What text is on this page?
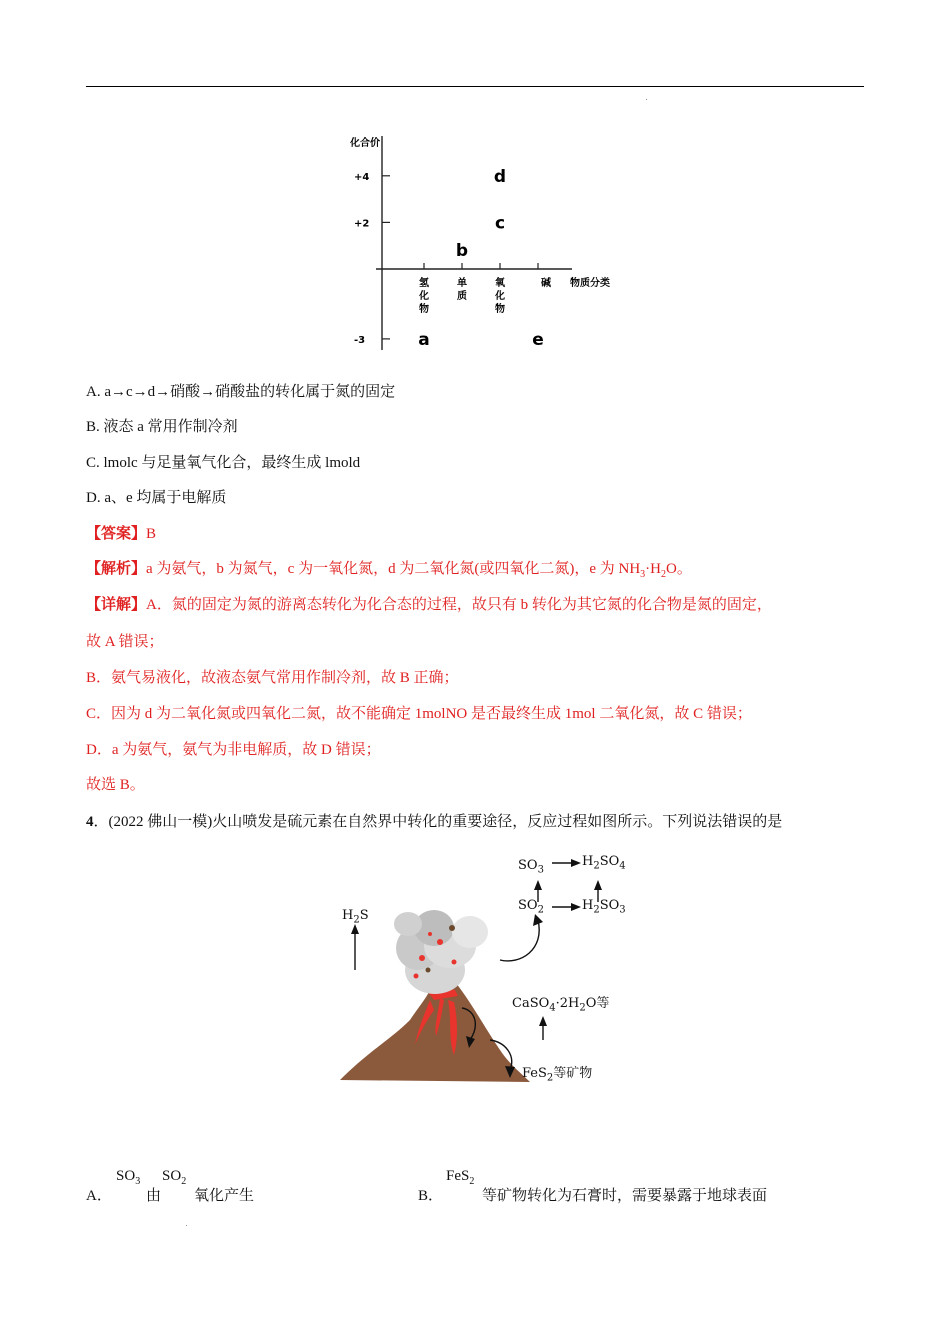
化合价
物质分类
+4
+2
-3
氢化物
单质
氧化物
碱
a
b
c
d
e
A. a→c→d→硝酸→硝酸盐的转化属于氮的固定
B. 液态 a 常用作制冷剂
C. lmolc 与足量氧气化合，最终生成 lmold
D. a、e 均属于电解质
【答案】B
【解析】a 为氨气，b 为氮气，c 为一氧化氮，d 为二氧化氮(或四氧化二氮)，e 为 $NH_3\cdot H_2O$。
【详解】A．氮的固定为氮的游离态转化为化合态的过程，故只有 b 转化为其它氮的化合物是氮的固定，
故 A 错误；
B．氨气易液化，故液态氨气常用作制冷剂，故 B 正确；
C．因为 d 为二氧化氮或四氧化二氮，故不能确定 1molNO 是否最终生成 1mol 二氧化氮，故 C 错误；
D．a 为氨气，氨气为非电解质，故 D 错误；
故选 B。
4．(2022 佛山一模)火山喷发是硫元素在自然界中转化的重要途径，反应过程如图所示。下列说法错误的是
$SO_3$
$H_2SO_4$
$SO_2$	$H_2SO_3$
$H_2S$
$CaSO_4\cdot 2H_2O$等
FeS$_2$等矿物
A．
$SO_3$
由
$SO_2$
氧化产生	B．
FeS$_2$
等矿物转化为石膏时，需要暴露于地球表面
